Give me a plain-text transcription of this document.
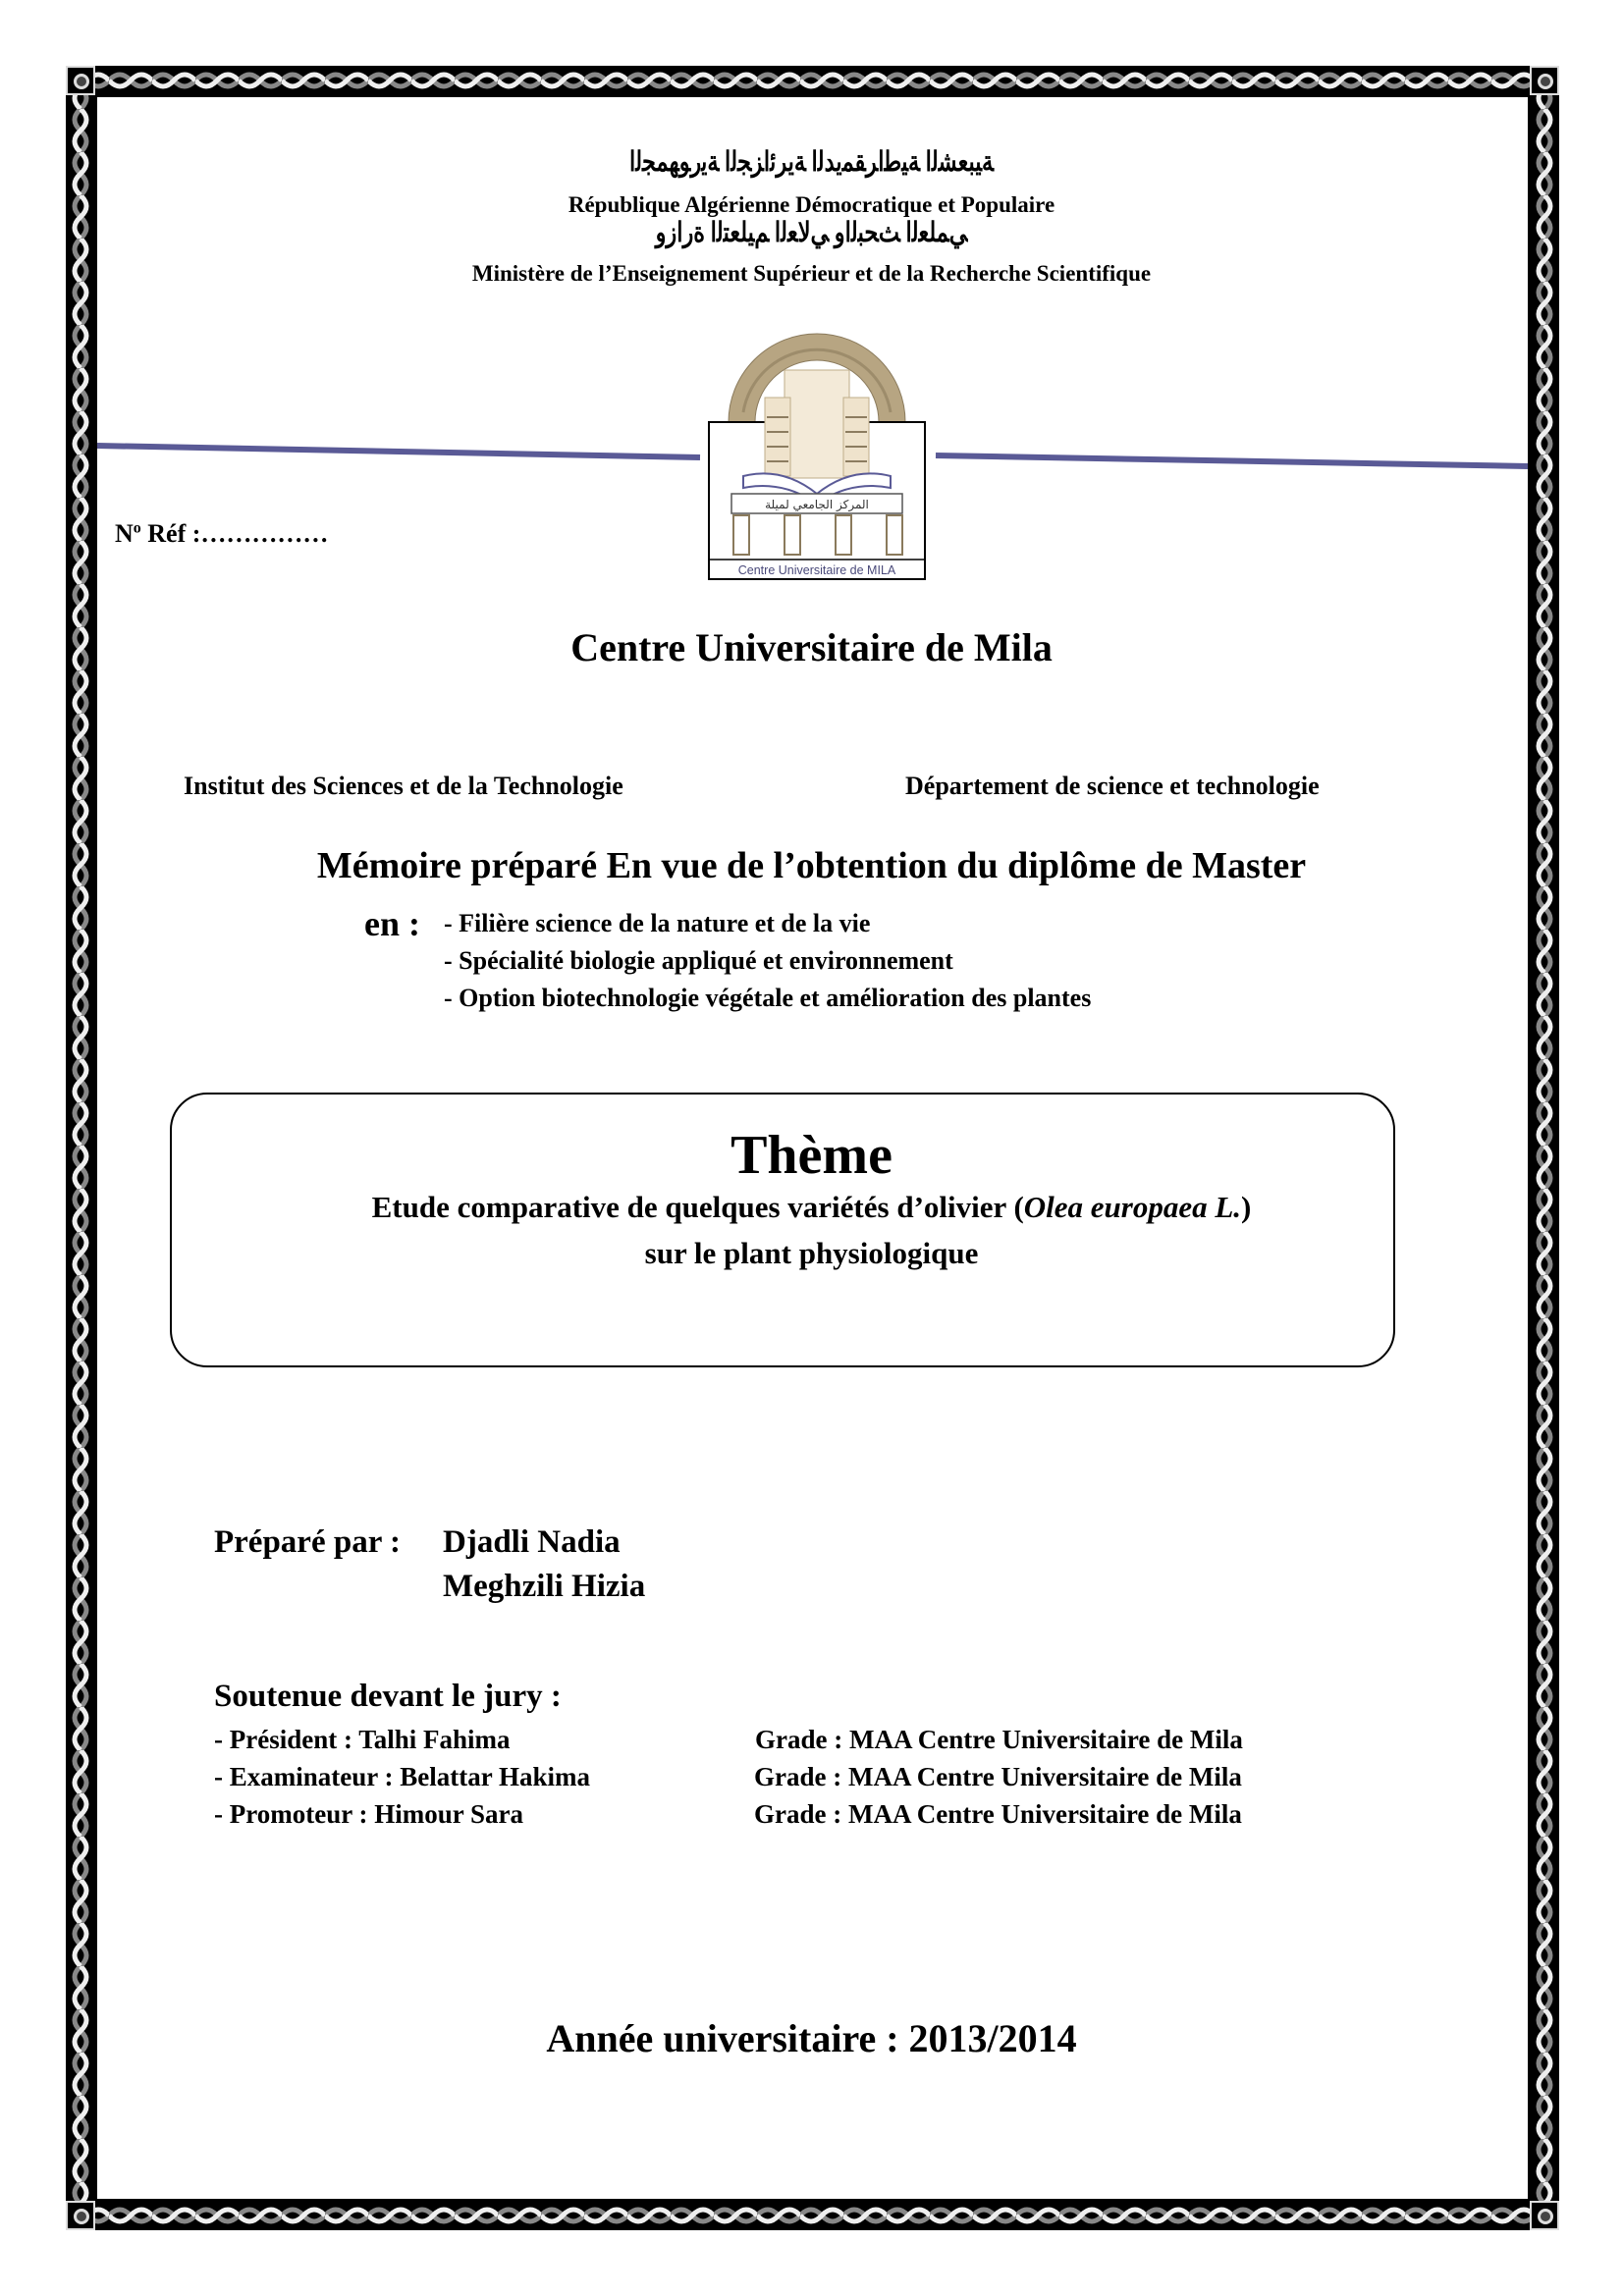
ﺔﻴﺒﻌﺸﻟﺍ ﺔﻴﻃﺍﺮﻘﻤﻳﺪﻟﺍ ﺔﻳﺮﺋﺍﺰﺠﻟﺍ ﺔﻳﺭﻮﻬﻤﺠﻟﺍ
République Algérienne Démocratique et Populaire
ﻲﻤﻠﻌﻟﺍ ﺚﺤﺒﻟﺍﻭ ﻲﻟﺎﻌﻟﺍ ﻢﻴﻠﻌﺘﻟﺍ ﺓﺭﺍﺯﻭ
Ministère de l’Enseignement Supérieur et de la Recherche Scientifique
المركز الجامعي لميلة
Centre Universitaire de MILA
$N^o$ Réf :……………
Centre Universitaire de Mila
Institut des Sciences et de la Technologie	Département de science et technologie
Mémoire préparé En vue de l’obtention du diplôme de Master
en : - Filière science de la nature et de la vie
- Spécialité biologie appliqué et environnement
- Option biotechnologie végétale et amélioration des plantes
Thème
Etude comparative de quelques variétés d’olivier (Olea europaea L.)
sur le plant physiologique
Préparé par : Djadli Nadia
Meghzili Hizia
Soutenue devant le jury :
- Président : Talhi Fahima	Grade : MAA Centre Universitaire de Mila
- Examinateur : Belattar Hakima	Grade : MAA Centre Universitaire de Mila
- Promoteur : Himour Sara	Grade : MAA Centre Universitaire de Mila
Année universitaire : 2013/2014
